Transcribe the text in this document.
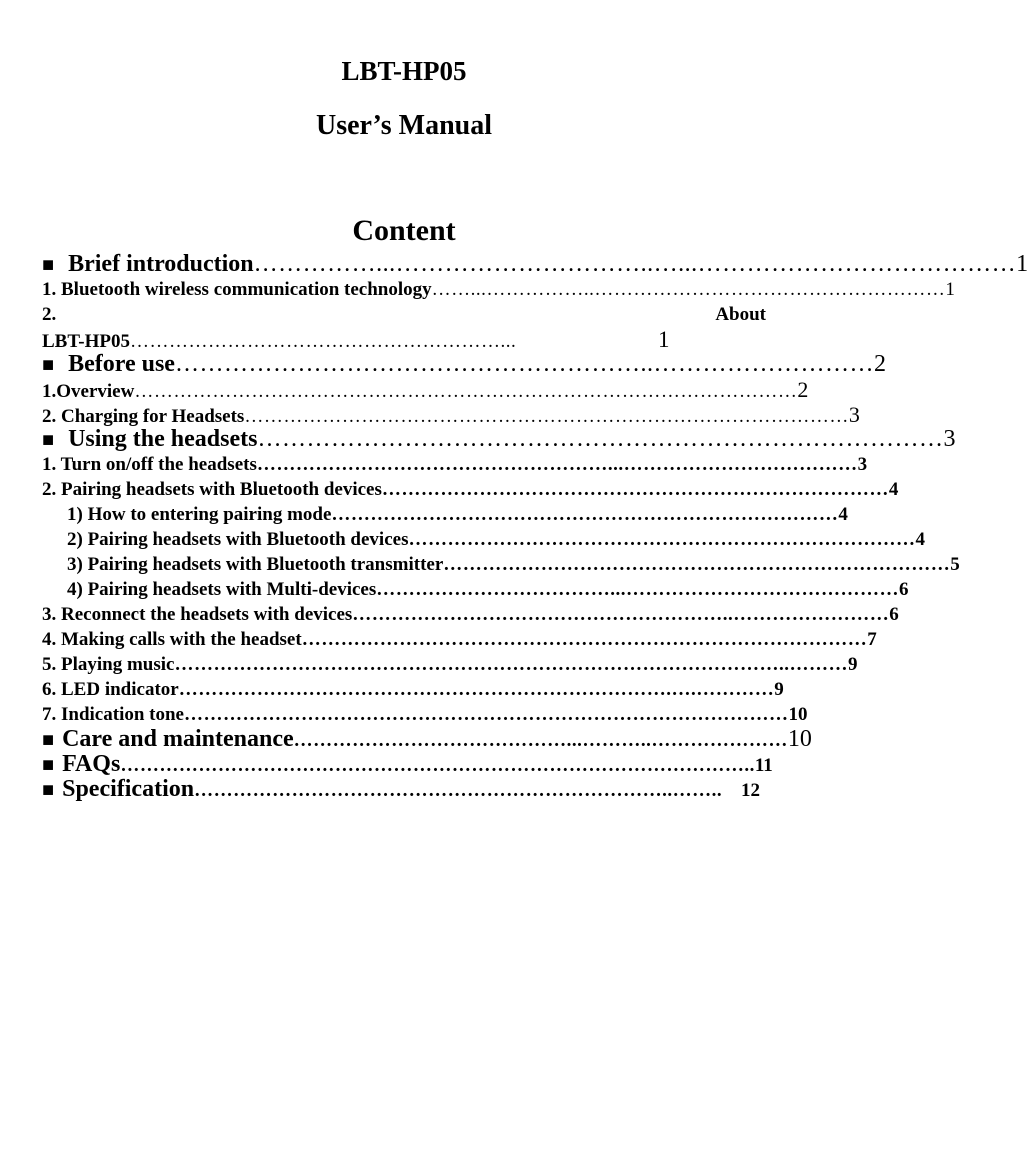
LBT-HP05
User’s Manual
Content
■ Brief introduction ……………...…………………………..…...………………………………… 1
1. Bluetooth wireless communication technology ……...……………..……………………………………………… 1
2.	About
LBT-HP05 …………………………………………………...	1
■ Before use …………………………………………………..……………………… 2
1.Overview ………………………………………………………………………………………… 2
2. Charging for Headsets ………………………………………………………………………………… 3
■ Using the headsets ………………………………………………………………………… 3
1. Turn on/off the headsets ………………………………………………...……………………………… 3
2. Pairing headsets with Bluetooth devices …………………………………………………………………… 4
1) How to entering pairing mode …………………………………………………………………… 4
2) Pairing headsets with Bluetooth devices …………………………………………………………………… 4
3) Pairing headsets with Bluetooth transmitter …………………………………………………………………… 5
4) Pairing headsets with Multi-devices ………………………………...…………………………………… 6
3. Reconnect the headsets with devices …………………………………………………..…………………… 6
4. Making calls with the headset …………………………………………………………………………… 7
5. Playing music …………………………………………………………………………………..……… 9
6. LED indicator ………………………………………………………………….….………… 9
7. Indication tone ………………………………………………………………………………… 10
■ Care and maintenance ……………………………………...………..………………… 10
■ FAQs …………………………………………………………………………………….. 11
■ Specification ………………………………………………………………..…….. 12
